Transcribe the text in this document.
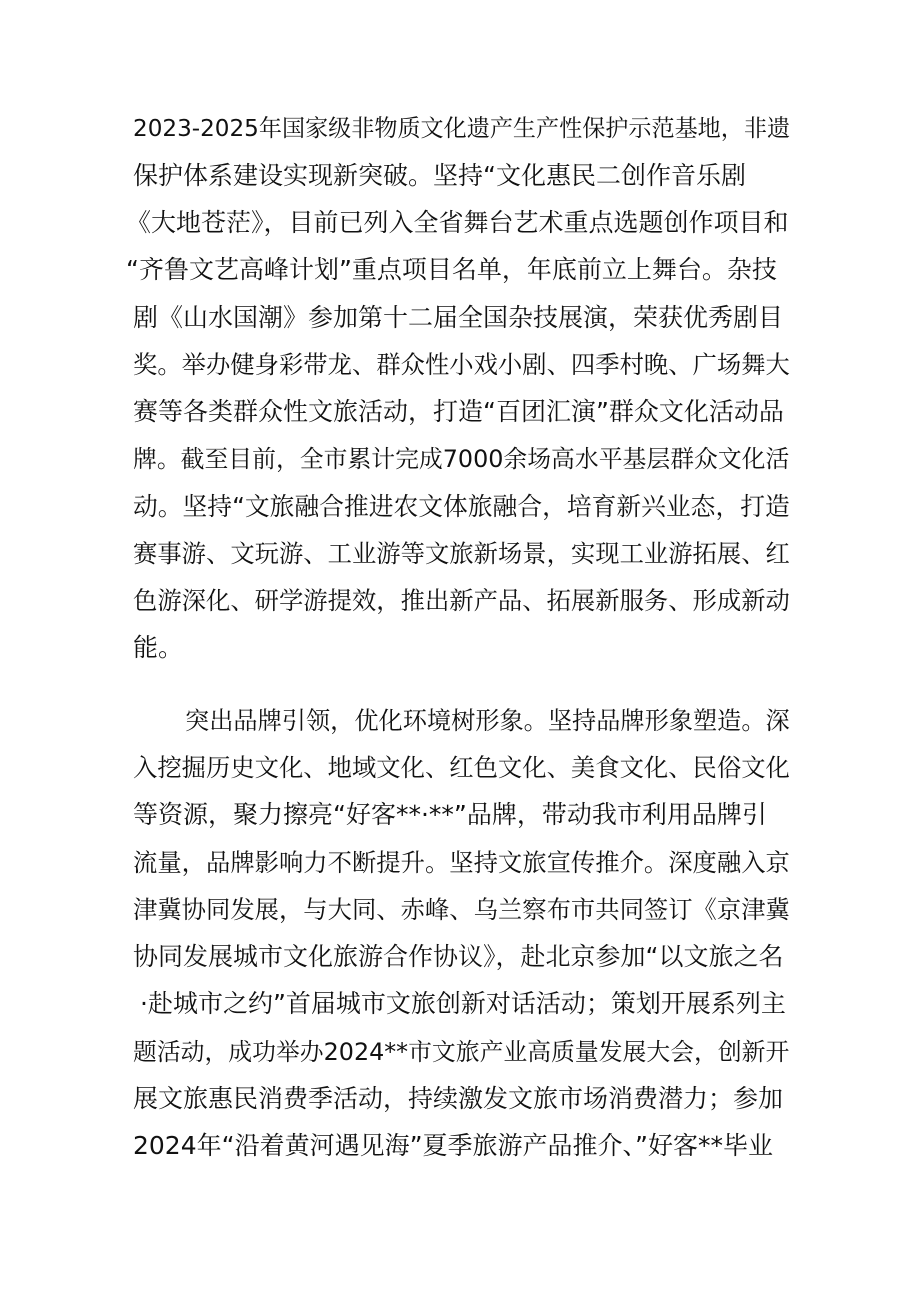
2023-2025年国家级非物质文化遗产生产性保护示范基地，非遗
保护体系建设实现新突破。坚持“文化惠民二创作音乐剧
《大地苍茫》，目前已列入全省舞台艺术重点选题创作项目和
“齐鲁文艺高峰计划”重点项目名单，年底前立上舞台。杂技
剧《山水国潮》参加第十二届全国杂技展演，荣获优秀剧目
奖。举办健身彩带龙、群众性小戏小剧、四季村晚、广场舞大
赛等各类群众性文旅活动，打造“百团汇演”群众文化活动品
牌。截至目前，全市累计完成7000余场高水平基层群众文化活
动。坚持“文旅融合推进农文体旅融合，培育新兴业态，打造
赛事游、文玩游、工业游等文旅新场景，实现工业游拓展、红
色游深化、研学游提效，推出新产品、拓展新服务、形成新动
能。
突出品牌引领，优化环境树形象。坚持品牌形象塑造。深
入挖掘历史文化、地域文化、红色文化、美食文化、民俗文化
等资源，聚力擦亮“好客**·**”品牌，带动我市利用品牌引
流量，品牌影响力不断提升。坚持文旅宣传推介。深度融入京
津冀协同发展，与大同、赤峰、乌兰察布市共同签订《京津冀
协同发展城市文化旅游合作协议》，赴北京参加“以文旅之名
·赴城市之约”首届城市文旅创新对话活动；策划开展系列主
题活动，成功举办2024**市文旅产业高质量发展大会，创新开
展文旅惠民消费季活动，持续激发文旅市场消费潜力；参加
2024年“沿着黄河遇见海”夏季旅游产品推介、”好客**毕业
